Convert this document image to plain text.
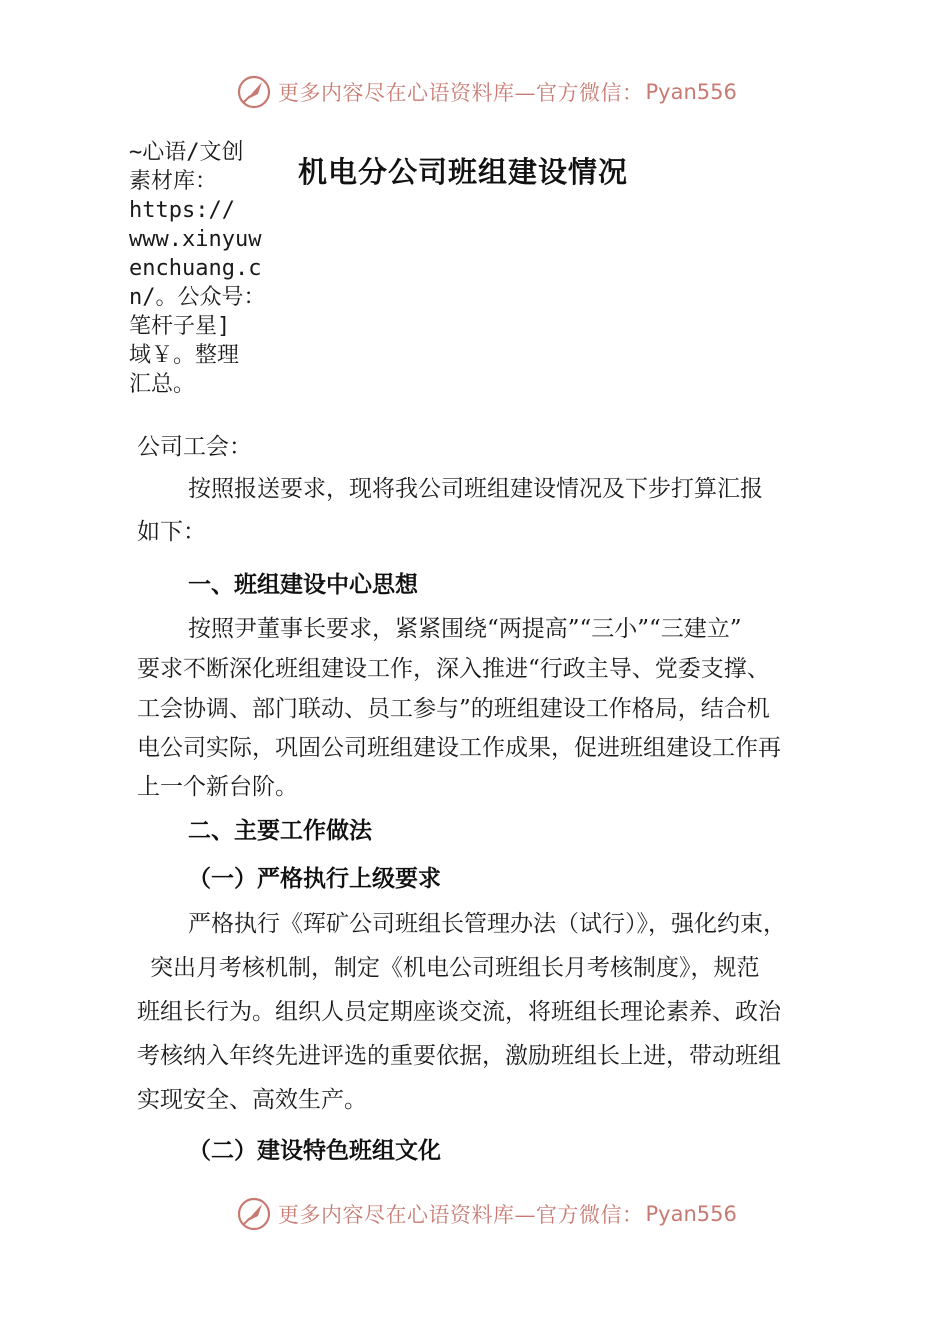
更多内容尽在心语资料库—官方微信： Pyan556
~心语/文创
素材库：
https://
www.xinyuw
enchuang.c
n/。公众号：
笔杆子星]
域￥。整理
汇总。
机电分公司班组建设情况
公司工会：
按照报送要求，现将我公司班组建设情况及下步打算汇报
如下：
一、班组建设中心思想
按照尹董事长要求，紧紧围绕“两提高”“三小”“三建立”
要求不断深化班组建设工作，深入推进“行政主导、党委支撑、
工会协调、部门联动、员工参与”的班组建设工作格局，结合机
电公司实际，巩固公司班组建设工作成果，促进班组建设工作再
上一个新台阶。
二、主要工作做法
（一）严格执行上级要求
严格执行《珲矿公司班组长管理办法（试行）》，强化约束，
突出月考核机制，制定《机电公司班组长月考核制度》，规范
班组长行为。组织人员定期座谈交流，将班组长理论素养、政治
考核纳入年终先进评选的重要依据，激励班组长上进，带动班组
实现安全、高效生产。
（二）建设特色班组文化
更多内容尽在心语资料库—官方微信： Pyan556
